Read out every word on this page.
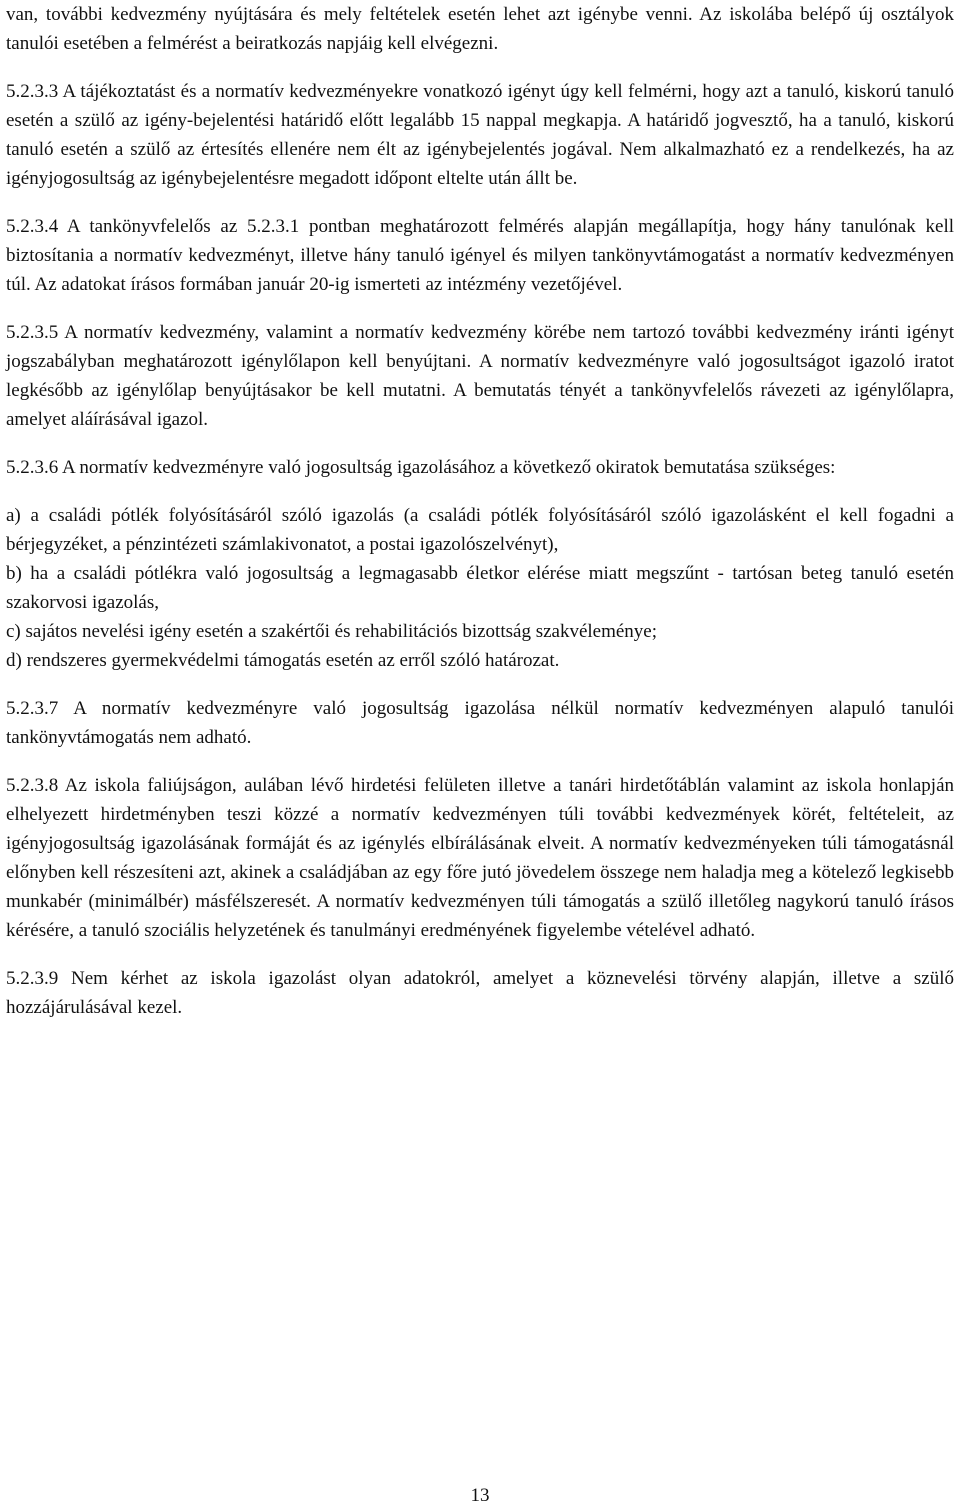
van, további kedvezmény nyújtására és mely feltételek esetén lehet azt igénybe venni. Az iskolába belépő új osztályok tanulói esetében a felmérést a beiratkozás napjáig kell elvégezni.

5.2.3.3 A tájékoztatást és a normatív kedvezményekre vonatkozó igényt úgy kell felmérni, hogy azt a tanuló, kiskorú tanuló esetén a szülő az igény-bejelentési határidő előtt legalább 15 nappal megkapja. A határidő jogvesztő, ha a tanuló, kiskorú tanuló esetén a szülő az értesítés ellenére nem élt az igénybejelentés jogával. Nem alkalmazható ez a rendelkezés, ha az igényjogosultság az igénybejelentésre megadott időpont eltelte után állt be.

5.2.3.4 A tankönyvfelelős az 5.2.3.1 pontban meghatározott felmérés alapján megállapítja, hogy hány tanulónak kell biztosítania a normatív kedvezményt, illetve hány tanuló igényel és milyen tankönyvtámogatást a normatív kedvezményen túl. Az adatokat írásos formában január 20-ig ismerteti az intézmény vezetőjével.

5.2.3.5 A normatív kedvezmény, valamint a normatív kedvezmény körébe nem tartozó további kedvezmény iránti igényt jogszabályban meghatározott igénylőlapon kell benyújtani. A normatív kedvezményre való jogosultságot igazoló iratot legkésőbb az igénylőlap benyújtásakor be kell mutatni. A bemutatás tényét a tankönyvfelelős rávezeti az igénylőlapra, amelyet aláírásával igazol.

5.2.3.6 A normatív kedvezményre való jogosultság igazolásához a következő okiratok bemutatása szükséges:

a) a családi pótlék folyósításáról szóló igazolás (a családi pótlék folyósításáról szóló igazolásként el kell fogadni a bérjegyzéket, a pénzintézeti számlakivonatot, a postai igazolószelvényt),

b) ha a családi pótlékra való jogosultság a legmagasabb életkor elérése miatt megszűnt - tartósan beteg tanuló esetén szakorvosi igazolás,

c) sajátos nevelési igény esetén a szakértői és rehabilitációs bizottság szakvéleménye;

d) rendszeres gyermekvédelmi támogatás esetén az erről szóló határozat.

5.2.3.7 A normatív kedvezményre való jogosultság igazolása nélkül normatív kedvezményen alapuló tanulói tankönyvtámogatás nem adható.

5.2.3.8 Az iskola faliújságon, aulában lévő hirdetési felületen illetve a tanári hirdetőtáblán valamint az iskola honlapján elhelyezett hirdetményben teszi közzé a normatív kedvezményen túli további kedvezmények körét, feltételeit, az igényjogosultság igazolásának formáját és az igénylés elbírálásának elveit. A normatív kedvezményeken túli támogatásnál előnyben kell részesíteni azt, akinek a családjában az egy főre jutó jövedelem összege nem haladja meg a kötelező legkisebb munkabér (minimálbér) másfélszeresét. A normatív kedvezményen túli támogatás a szülő illetőleg nagykorú tanuló írásos kérésére, a tanuló szociális helyzetének és tanulmányi eredményének figyelembe vételével adható.

5.2.3.9 Nem kérhet az iskola igazolást olyan adatokról, amelyet a köznevelési törvény alapján, illetve a szülő hozzájárulásával kezel.

13
